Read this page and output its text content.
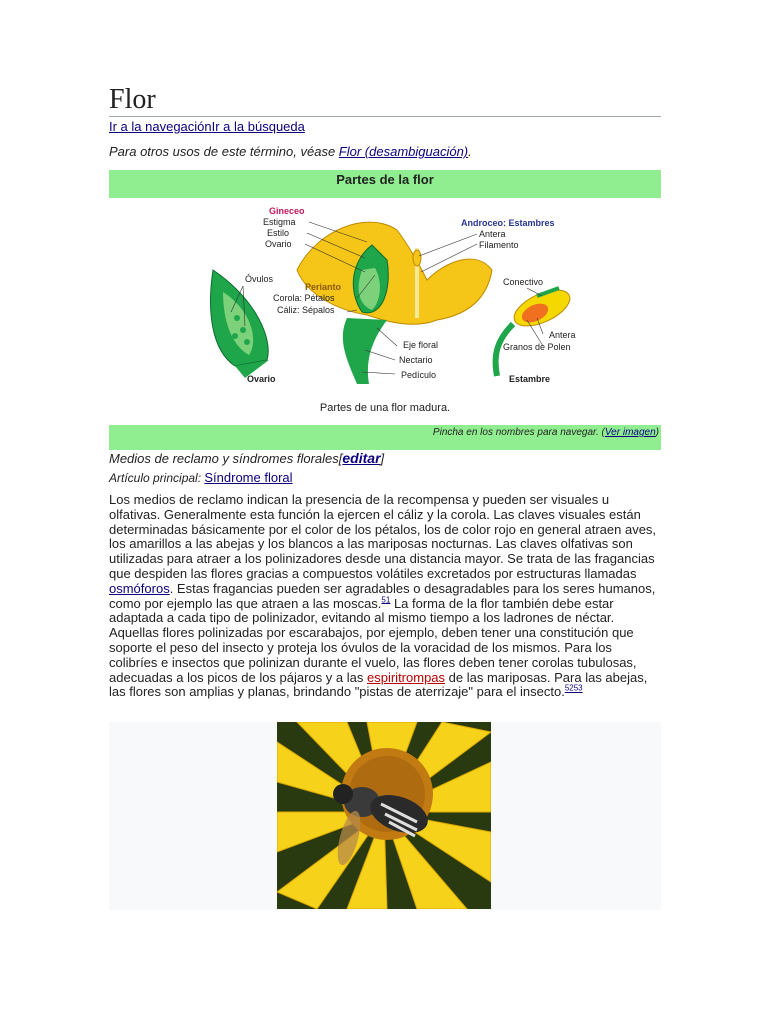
Flor
Ir a la navegaciónIr a la búsqueda
Para otros usos de este término, véase Flor (desambiguación).
Partes de la flor
Gineceo
Estigma
Estilo
Ovario
Androceo: Estambres
Antera
Filamento
Óvulos
Perianto
Corola: Pétalos
Cáliz: Sépalos
Conectivo
Antera
Granos de Polen
Eje floral
Nectario
Pedículo
Ovario	Estambre
Partes de una flor madura.
Pincha en los nombres para navegar. (Ver imagen)
Medios de reclamo y síndromes florales[editar]
Artículo principal: Síndrome floral
Los medios de reclamo indican la presencia de la recompensa y pueden ser visuales u olfativas. Generalmente esta función la ejercen el cáliz y la corola. Las claves visuales están determinadas básicamente por el color de los pétalos, los de color rojo en general atraen aves, los amarillos a las abejas y los blancos a las mariposas nocturnas. Las claves olfativas son utilizadas para atraer a los polinizadores desde una distancia mayor. Se trata de las fragancias que despiden las flores gracias a compuestos volátiles excretados por estructuras llamadas osmóforos. Estas fragancias pueden ser agradables o desagradables para los seres humanos, como por ejemplo las que atraen a las moscas.$^{51}$ La forma de la flor también debe estar adaptada a cada tipo de polinizador, evitando al mismo tiempo a los ladrones de néctar. Aquellas flores polinizadas por escarabajos, por ejemplo, deben tener una constitución que soporte el peso del insecto y proteja los óvulos de la voracidad de los mismos. Para los colibríes e insectos que polinizan durante el vuelo, las flores deben tener corolas tubulosas, adecuadas a los picos de los pájaros y a las espiritrompas de las mariposas. Para las abejas, las flores son amplias y planas, brindando "pistas de aterrizaje" para el insecto.$^{5253}$
